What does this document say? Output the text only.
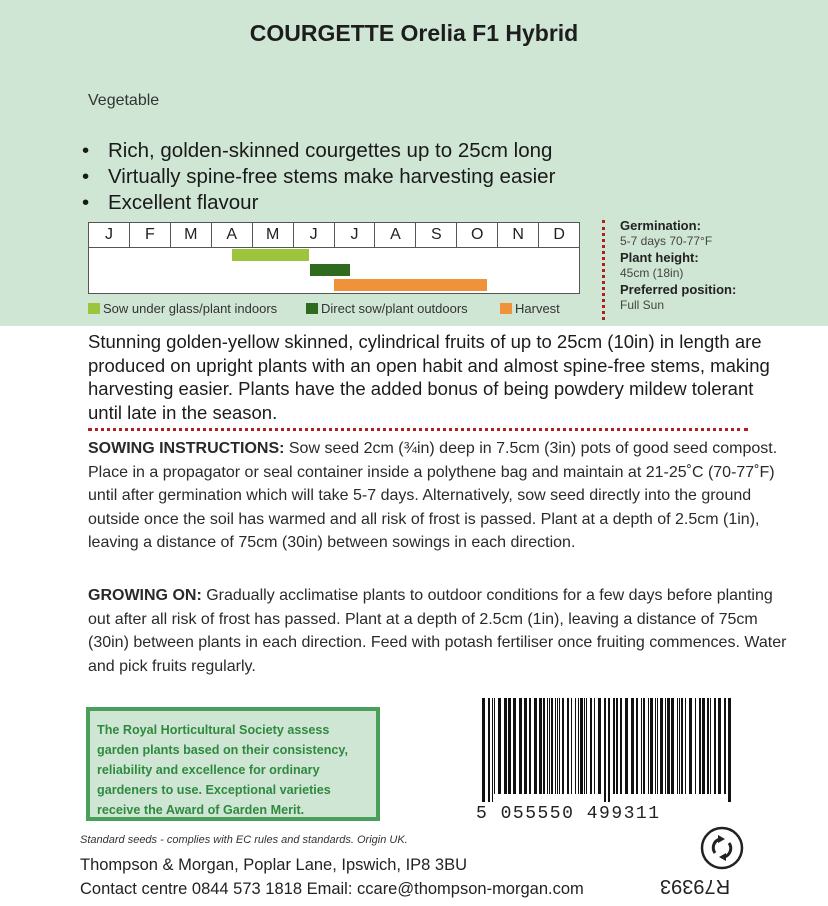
COURGETTE Orelia F1 Hybrid
Vegetable
• Rich, golden-skinned courgettes up to 25cm long
• Virtually spine-free stems make harvesting easier
• Excellent flavour
J	F	M	A	M	J	J	A	S	O	N	D
Sow under glass/plant indoors	Direct sow/plant outdoors	Harvest
Germination:
5-7 days 70-77°F
Plant height:
45cm (18in)
Preferred position:
Full Sun
Stunning golden-yellow skinned, cylindrical fruits of up to 25cm (10in) in length are produced on upright plants with an open habit and almost spine-free stems, making harvesting easier. Plants have the added bonus of being powdery mildew tolerant until late in the season.
SOWING INSTRUCTIONS: Sow seed 2cm (¾in) deep in 7.5cm (3in) pots of good seed compost. Place in a propagator or seal container inside a polythene bag and maintain at 21-25˚C (70-77˚F) until after germination which will take 5-7 days. Alternatively, sow seed directly into the ground outside once the soil has warmed and all risk of frost is passed. Plant at a depth of 2.5cm (1in), leaving a distance of 75cm (30in) between sowings in each direction.
GROWING ON: Gradually acclimatise plants to outdoor conditions for a few days before planting out after all risk of frost has passed. Plant at a depth of 2.5cm (1in), leaving a distance of 75cm (30in) between plants in each direction. Feed with potash fertiliser once fruiting commences. Water and pick fruits regularly.
The Royal Horticultural Society assess garden plants based on their consistency, reliability and excellence for ordinary gardeners to use. Exceptional varieties receive the Award of Garden Merit.	5 055550 499311
Standard seeds - complies with EC rules and standards. Origin UK.
Thompson & Morgan, Poplar Lane, Ipswich, IP8 3BU
Contact centre 0844 573 1818 Email: ccare@thompson-morgan.com	R79393
